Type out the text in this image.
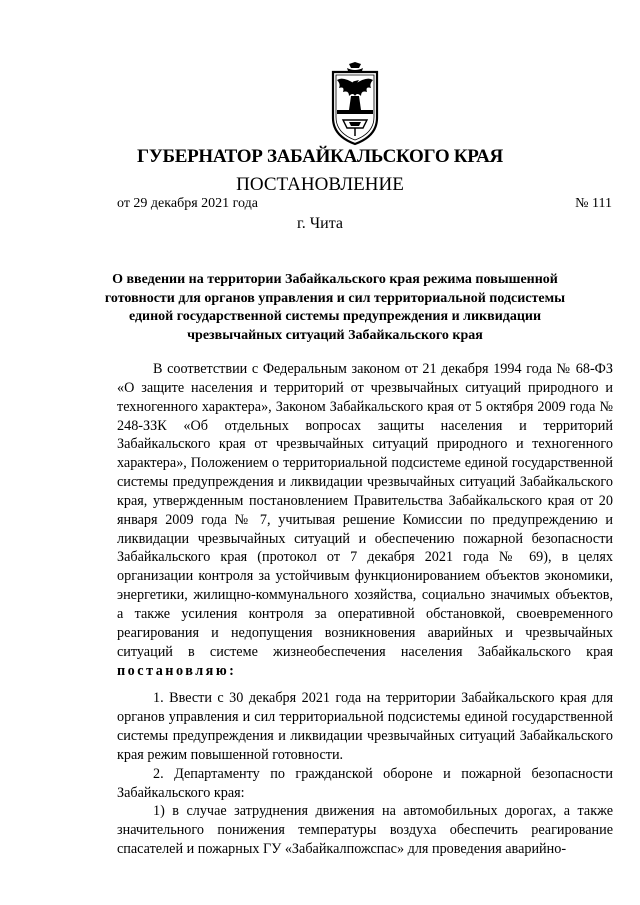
ГУБЕРНАТОР ЗАБАЙКАЛЬСКОГО КРАЯ
ПОСТАНОВЛЕНИЕ
от 29 декабря 2021 года	№ 111
г. Чита
О введении на территории Забайкальского края режима повышенной готовности для органов управления и сил территориальной подсистемы единой государственной системы предупреждения и ликвидации чрезвычайных ситуаций Забайкальского края

В соответствии с Федеральным законом от 21 декабря 1994 года № 68-ФЗ «О защите населения и территорий от чрезвычайных ситуаций природного и техногенного характера», Законом Забайкальского края от 5 октября 2009 года № 248-ЗЗК «Об отдельных вопросах защиты населения и территорий Забайкальского края от чрезвычайных ситуаций природного и техногенного характера», Положением о территориальной подсистеме единой государственной системы предупреждения и ликвидации чрезвычайных ситуаций Забайкальского края, утвержденным постановлением Правительства Забайкальского края от 20 января 2009 года № 7, учитывая решение Комиссии по предупреждению и ликвидации чрезвычайных ситуаций и обеспечению пожарной безопасности Забайкальского края (протокол от 7 декабря 2021 года № 69), в целях организации контроля за устойчивым функционированием объектов экономики, энергетики, жилищно-коммунального хозяйства, социально значимых объектов, а также усиления контроля за оперативной обстановкой, своевременного реагирования и недопущения возникновения аварийных и чрезвычайных ситуаций в системе жизнеобеспечения населения Забайкальского края постановляю:

1. Ввести с 30 декабря 2021 года на территории Забайкальского края для органов управления и сил территориальной подсистемы единой государственной системы предупреждения и ликвидации чрезвычайных ситуаций Забайкальского края режим повышенной готовности.

2. Департаменту по гражданской обороне и пожарной безопасности Забайкальского края:

1) в случае затруднения движения на автомобильных дорогах, а также значительного понижения температуры воздуха обеспечить реагирование спасателей и пожарных ГУ «Забайкалпожспас» для проведения аварийно-
